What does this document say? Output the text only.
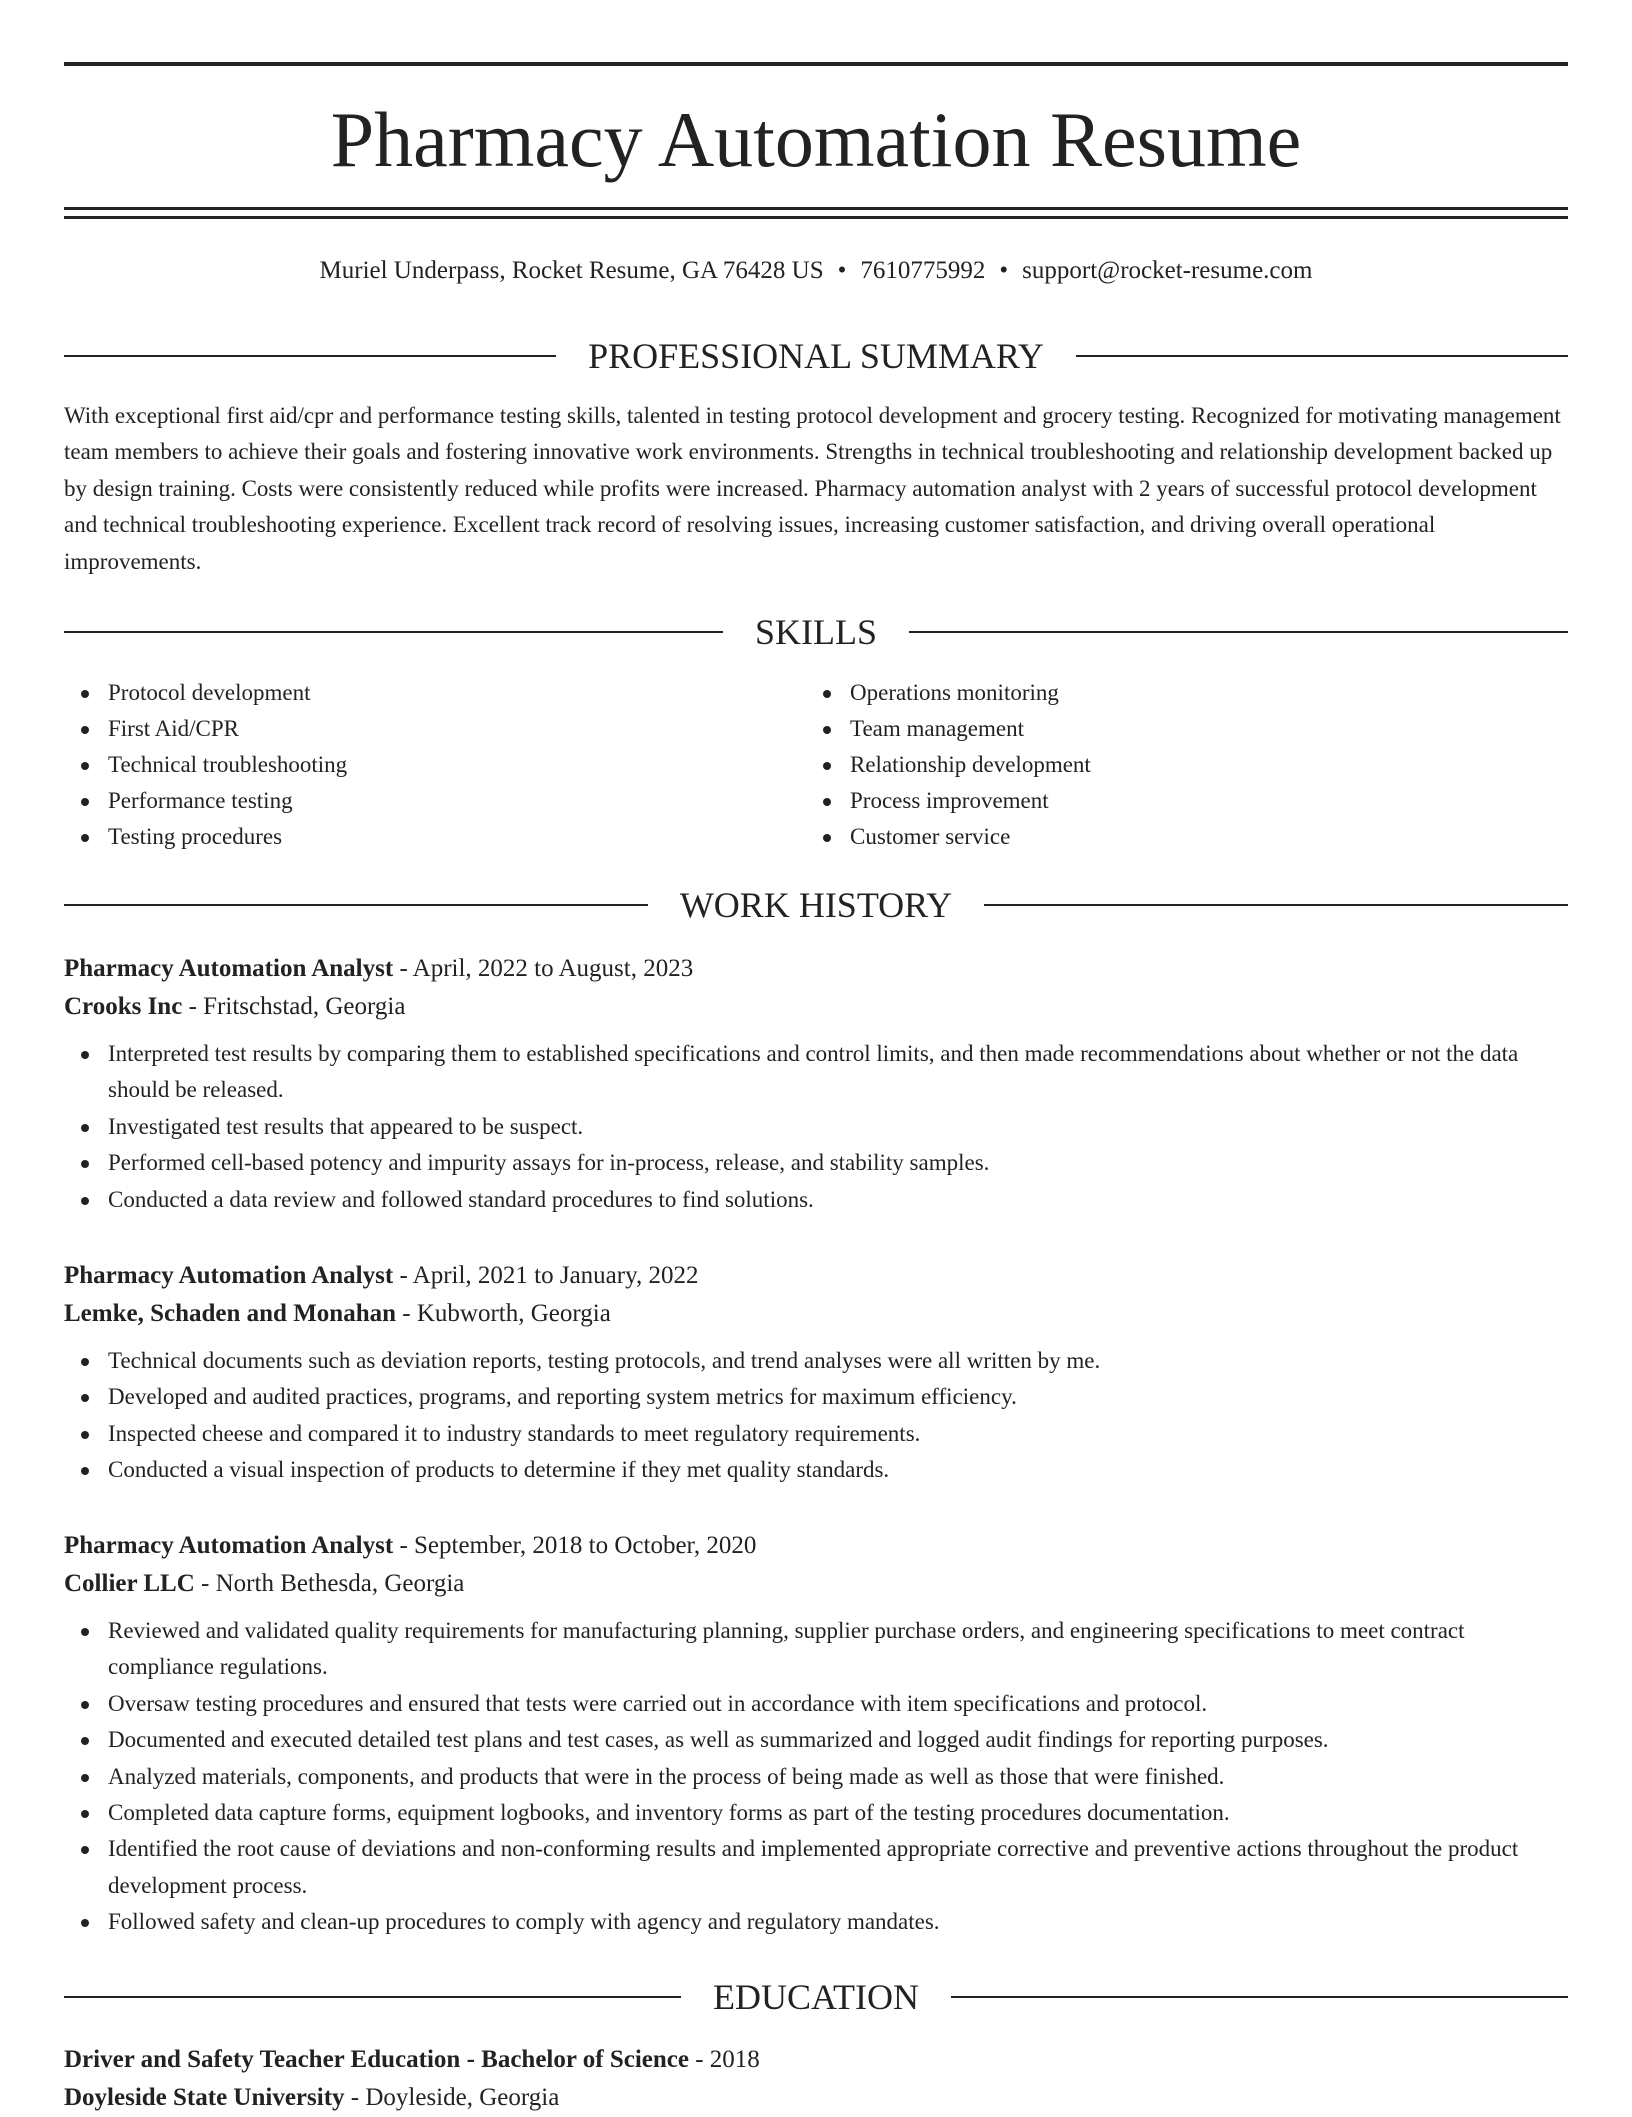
Pharmacy Automation Resume
Muriel Underpass, Rocket Resume, GA 76428 US • 7610775992 • support@rocket-resume.com
PROFESSIONAL SUMMARY

With exceptional first aid/cpr and performance testing skills, talented in testing protocol development and grocery testing. Recognized for motivating management team members to achieve their goals and fostering innovative work environments. Strengths in technical troubleshooting and relationship development backed up by design training. Costs were consistently reduced while profits were increased. Pharmacy automation analyst with 2 years of successful protocol development and technical troubleshooting experience. Excellent track record of resolving issues, increasing customer satisfaction, and driving overall operational improvements.

SKILLS
Protocol development
First Aid/CPR
Technical troubleshooting
Performance testing
Testing procedures
Operations monitoring
Team management
Relationship development
Process improvement
Customer service
WORK HISTORY
Pharmacy Automation Analyst - April, 2022 to August, 2023
Crooks Inc - Fritschstad, Georgia
Interpreted test results by comparing them to established specifications and control limits, and then made recommendations about whether or not the data should be released.
Investigated test results that appeared to be suspect.
Performed cell-based potency and impurity assays for in-process, release, and stability samples.
Conducted a data review and followed standard procedures to find solutions.
Pharmacy Automation Analyst - April, 2021 to January, 2022
Lemke, Schaden and Monahan - Kubworth, Georgia
Technical documents such as deviation reports, testing protocols, and trend analyses were all written by me.
Developed and audited practices, programs, and reporting system metrics for maximum efficiency.
Inspected cheese and compared it to industry standards to meet regulatory requirements.
Conducted a visual inspection of products to determine if they met quality standards.
Pharmacy Automation Analyst - September, 2018 to October, 2020
Collier LLC - North Bethesda, Georgia
Reviewed and validated quality requirements for manufacturing planning, supplier purchase orders, and engineering specifications to meet contract compliance regulations.
Oversaw testing procedures and ensured that tests were carried out in accordance with item specifications and protocol.
Documented and executed detailed test plans and test cases, as well as summarized and logged audit findings for reporting purposes.
Analyzed materials, components, and products that were in the process of being made as well as those that were finished.
Completed data capture forms, equipment logbooks, and inventory forms as part of the testing procedures documentation.
Identified the root cause of deviations and non-conforming results and implemented appropriate corrective and preventive actions throughout the product development process.
Followed safety and clean-up procedures to comply with agency and regulatory mandates.
EDUCATION
Driver and Safety Teacher Education - Bachelor of Science - 2018
Doyleside State University - Doyleside, Georgia
